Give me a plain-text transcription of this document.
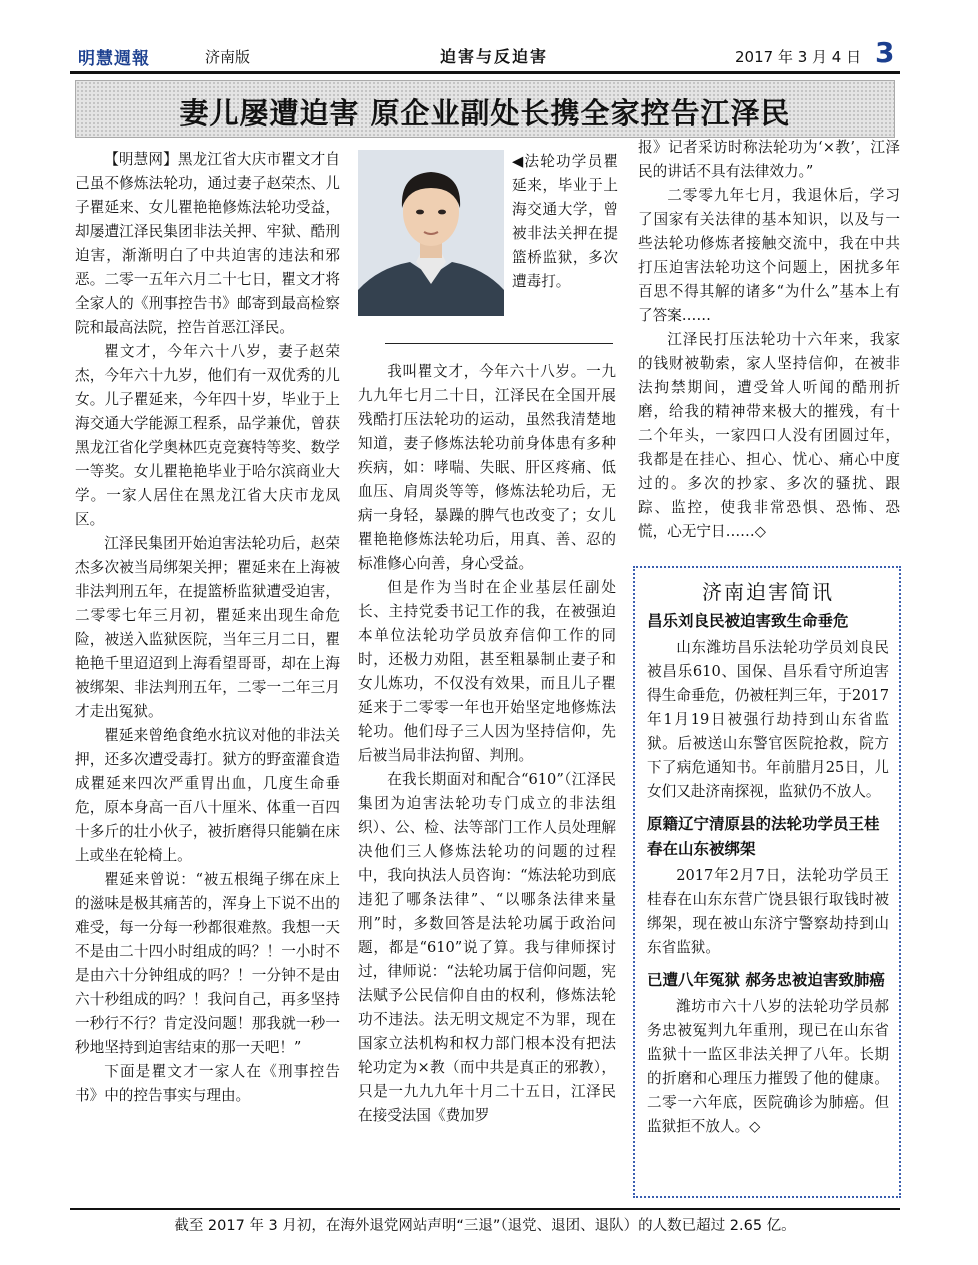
明慧週報	济南版	迫害与反迫害	2017 年 3 月 4 日 3
妻儿屡遭迫害 原企业副处长携全家控告江泽民

【明慧网】黑龙江省大庆市瞿文才自己虽不修炼法轮功，通过妻子赵荣杰、儿子瞿延来、女儿瞿艳艳修炼法轮功受益，却屡遭江泽民集团非法关押、牢狱、酷刑迫害，渐渐明白了中共迫害的违法和邪恶。二零一五年六月二十七日，瞿文才将全家人的《刑事控告书》邮寄到最高检察院和最高法院，控告首恶江泽民。

瞿文才，今年六十八岁，妻子赵荣杰，今年六十九岁，他们有一双优秀的儿女。儿子瞿延来，今年四十岁，毕业于上海交通大学能源工程系，品学兼优，曾获黑龙江省化学奥林匹克竞赛特等奖、数学一等奖。女儿瞿艳艳毕业于哈尔滨商业大学。一家人居住在黑龙江省大庆市龙凤区。

江泽民集团开始迫害法轮功后，赵荣杰多次被当局绑架关押；瞿延来在上海被非法判刑五年，在提篮桥监狱遭受迫害，二零零七年三月初，瞿延来出现生命危险，被送入监狱医院，当年三月二日，瞿艳艳千里迢迢到上海看望哥哥，却在上海被绑架、非法判刑五年，二零一二年三月才走出冤狱。

瞿延来曾绝食绝水抗议对他的非法关押，还多次遭受毒打。狱方的野蛮灌食造成瞿延来四次严重胃出血，几度生命垂危，原本身高一百八十厘米、体重一百四十多斤的壮小伙子，被折磨得只能躺在床上或坐在轮椅上。

瞿延来曾说：“被五根绳子绑在床上的滋味是极其痛苦的，浑身上下说不出的难受，每一分每一秒都很难熬。我想一天不是由二十四小时组成的吗？！一小时不是由六十分钟组成的吗？！一分钟不是由六十秒组成的吗？！我问自己，再多坚持一秒行不行？肯定没问题！那我就一秒一秒地坚持到迫害结束的那一天吧！”

下面是瞿文才一家人在《刑事控告书》中的控告事实与理由。

◀法轮功学员瞿延来，毕业于上海交通大学，曾被非法关押在提篮桥监狱，多次遭毒打。

我叫瞿文才，今年六十八岁。一九九九年七月二十日，江泽民在全国开展残酷打压法轮功的运动，虽然我清楚地知道，妻子修炼法轮功前身体患有多种疾病，如：哮喘、失眠、肝区疼痛、低血压、肩周炎等等，修炼法轮功后，无病一身轻，暴躁的脾气也改变了；女儿瞿艳艳修炼法轮功后，用真、善、忍的标准修心向善，身心受益。

但是作为当时在企业基层任副处长、主持党委书记工作的我，在被强迫本单位法轮功学员放弃信仰工作的同时，还极力劝阻，甚至粗暴制止妻子和女儿炼功，不仅没有效果，而且儿子瞿延来于二零零一年也开始坚定地修炼法轮功。他们母子三人因为坚持信仰，先后被当局非法拘留、判刑。

在我长期面对和配合“610”（江泽民集团为迫害法轮功专门成立的非法组织）、公、检、法等部门工作人员处理解决他们三人修炼法轮功的问题的过程中，我向执法人员咨询：“炼法轮功到底违犯了哪条法律”、“以哪条法律来量刑”时，多数回答是法轮功属于政治问题，都是“610”说了算。我与律师探讨过，律师说：“法轮功属于信仰问题，宪法赋予公民信仰自由的权利，修炼法轮功不违法。法无明文规定不为罪，现在国家立法机构和权力部门根本没有把法轮功定为×教（而中共是真正的邪教），只是一九九九年十月二十五日，江泽民在接受法国《费加罗

报》记者采访时称法轮功为‘×教’，江泽民的讲话不具有法律效力。”

二零零九年七月，我退休后，学习了国家有关法律的基本知识，以及与一些法轮功修炼者接触交流中，我在中共打压迫害法轮功这个问题上，困扰多年百思不得其解的诸多“为什么”基本上有了答案……

江泽民打压法轮功十六年来，我家的钱财被勒索，家人坚持信仰，在被非法拘禁期间，遭受耸人听闻的酷刑折磨，给我的精神带来极大的摧残，有十二个年头，一家四口人没有团圆过年，我都是在挂心、担心、忧心、痛心中度过的。多次的抄家、多次的骚扰、跟踪、监控，使我非常恐惧、恐怖、恐慌，心无宁日……◇

济南迫害简讯
昌乐刘良民被迫害致生命垂危

山东潍坊昌乐法轮功学员刘良民被昌乐610、国保、昌乐看守所迫害得生命垂危，仍被枉判三年，于2017年1月19日被强行劫持到山东省监狱。后被送山东警官医院抢救，院方下了病危通知书。年前腊月25日，儿女们又赴济南探视，监狱仍不放人。

原籍辽宁清原县的法轮功学员王桂春在山东被绑架

2017年2月7日，法轮功学员王桂春在山东东营广饶县银行取钱时被绑架，现在被山东济宁警察劫持到山东省监狱。

已遭八年冤狱 郝务忠被迫害致肺癌

潍坊市六十八岁的法轮功学员郝务忠被冤判九年重刑，现已在山东省监狱十一监区非法关押了八年。长期的折磨和心理压力摧毁了他的健康。二零一六年底，医院确诊为肺癌。但监狱拒不放人。◇

截至 2017 年 3 月初，在海外退党网站声明“三退”（退党、退团、退队）的人数已超过 2.65 亿。
